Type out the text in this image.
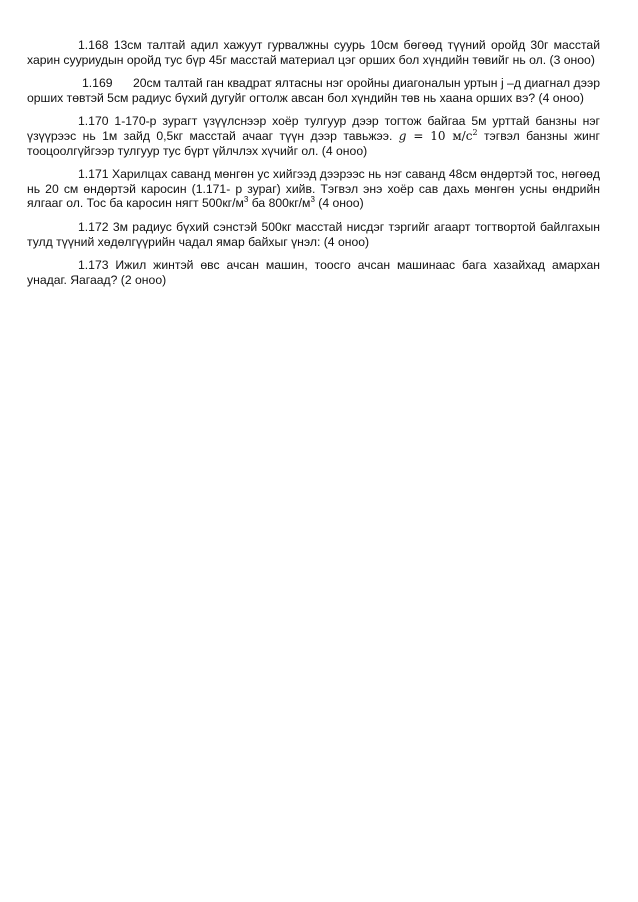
1.168 13см талтай адил хажуут гурвалжны суурь 10см бөгөөд түүний оройд 30г масстай харин сууриудын оройд тус бүр 45г масстай материал цэг орших бол хүндийн төвийг нь ол. (3 оноо)

1.169 20см талтай ган квадрат ялтасны нэг оройны диагоналын уртын ј –д диагнал дээр орших төвтэй 5см радиус бүхий дугуйг огтолж авсан бол хүндийн төв нь хаана орших вэ? (4 оноо)

1.170 1-170-р зурагт үзүүлснээр хоёр тулгуур дээр тогтож байгаа 5м урттай банзны нэг үзүүрээс нь 1м зайд 0,5кг масстай ачааг түүн дээр тавьжээ. g = 10 $м/с^2$ тэгвэл банзны жинг тооцоолгүйгээр тулгуур тус бүрт үйлчлэх хүчийг ол. (4 оноо)

1.171 Харилцах саванд мөнгөн ус хийгээд дээрээс нь нэг саванд 48см өндөртэй тос, нөгөөд нь 20 см өндөртэй каросин (1.171- р зураг) хийв. Тэгвэл энэ хоёр сав дахь мөнгөн усны өндрийн ялгааг ол. Тос ба каросин нягт $500кг/м^3$ ба $800кг/м^3$ (4 оноо)

1.172 3м радиус бүхий сэнстэй 500кг масстай нисдэг тэргийг агаарт тогтвортой байлгахын тулд түүний хөдөлгүүрийн чадал ямар байхыг үнэл: (4 оноо)

1.173 Ижил жинтэй өвс ачсан машин, тоосго ачсан машинаас бага хазайхад амархан унадаг. Яагаад? (2 оноо)
